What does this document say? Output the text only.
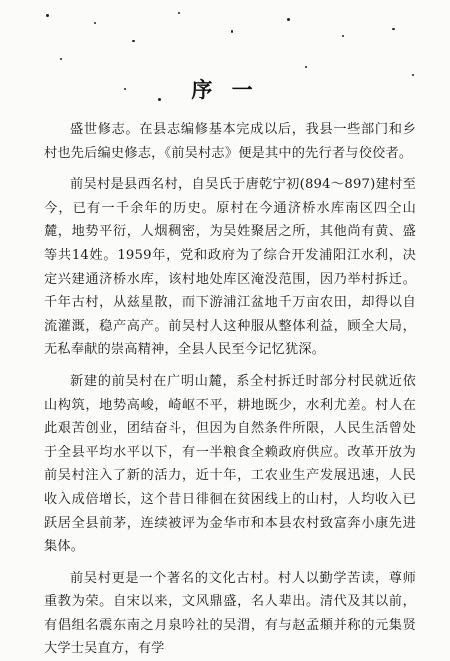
序 一

盛世修志。在县志编修基本完成以后，我县一些部门和乡村也先后编史修志，《前吴村志》便是其中的先行者与佼佼者。

前吴村是县西名村，自吴氏于唐乾宁初(894～897)建村至今，已有一千余年的历史。原村在今通济桥水库南区四仝山麓，地势平衍，人烟稠密，为吴姓聚居之所，其他尚有黄、盛等共14姓。1959年，党和政府为了综合开发浦阳江水利，决定兴建通济桥水库，该村地处库区淹没范围，因乃举村拆迁。千年古村，从兹星散，而下游浦江盆地千万亩农田，却得以自流灌溉，稳产高产。前吴村人这种服从整体利益，顾全大局，无私奉献的崇高精神，全县人民至今记忆犹深。

新建的前吴村在广明山麓，系全村拆迁时部分村民就近依山构筑，地势高峻，崎岖不平，耕地既少，水利尤差。村人在此艰苦创业，团结奋斗，但因为自然条件所限，人民生活曾处于全县平均水平以下，有一半粮食全赖政府供应。改革开放为前吴村注入了新的活力，近十年，工农业生产发展迅速，人民收入成倍增长，这个昔日徘徊在贫困线上的山村，人均收入已跃居全县前茅，连续被评为金华市和本县农村致富奔小康先进集体。

前吴村更是一个著名的文化古村。村人以勤学苦读，尊师重教为荣。自宋以来，文风鼎盛，名人辈出。清代及其以前，有倡组名震东南之月泉吟社的吴渭，有与赵孟頫并称的元集贤大学士吴直方，有学
